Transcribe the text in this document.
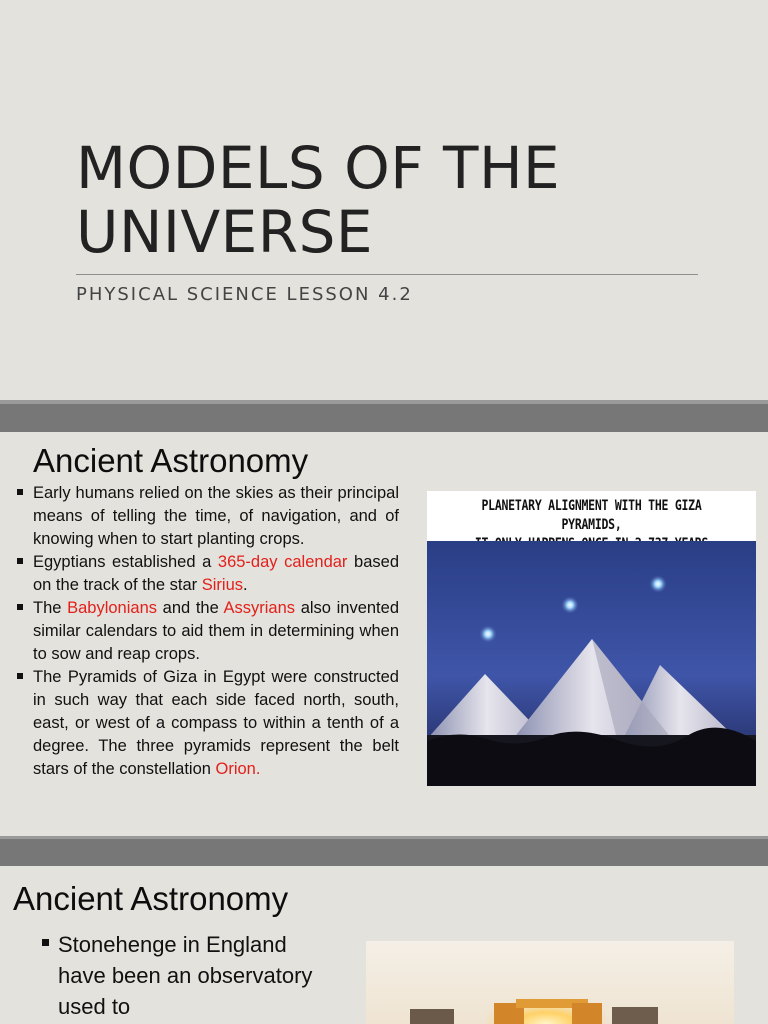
MODELS OF THE
UNIVERSE
PHYSICAL SCIENCE LESSON 4.2
Ancient Astronomy
Early humans relied on the skies as their principal means of telling the time, of navigation, and of knowing when to start planting crops.
Egyptians established a 365-day calendar based on the track of the star Sirius.
The Babylonians and the Assyrians also invented similar calendars to aid them in determining when to sow and reap crops.
The Pyramids of Giza in Egypt were constructed in such way that each side faced north, south, east, or west of a compass to within a tenth of a degree. The three pyramids represent the belt stars of the constellation Orion.
PLANETARY ALIGNMENT WITH THE GIZA PYRAMIDS,
Ancient Astronomy
Stonehenge in England have been an observatory used to
